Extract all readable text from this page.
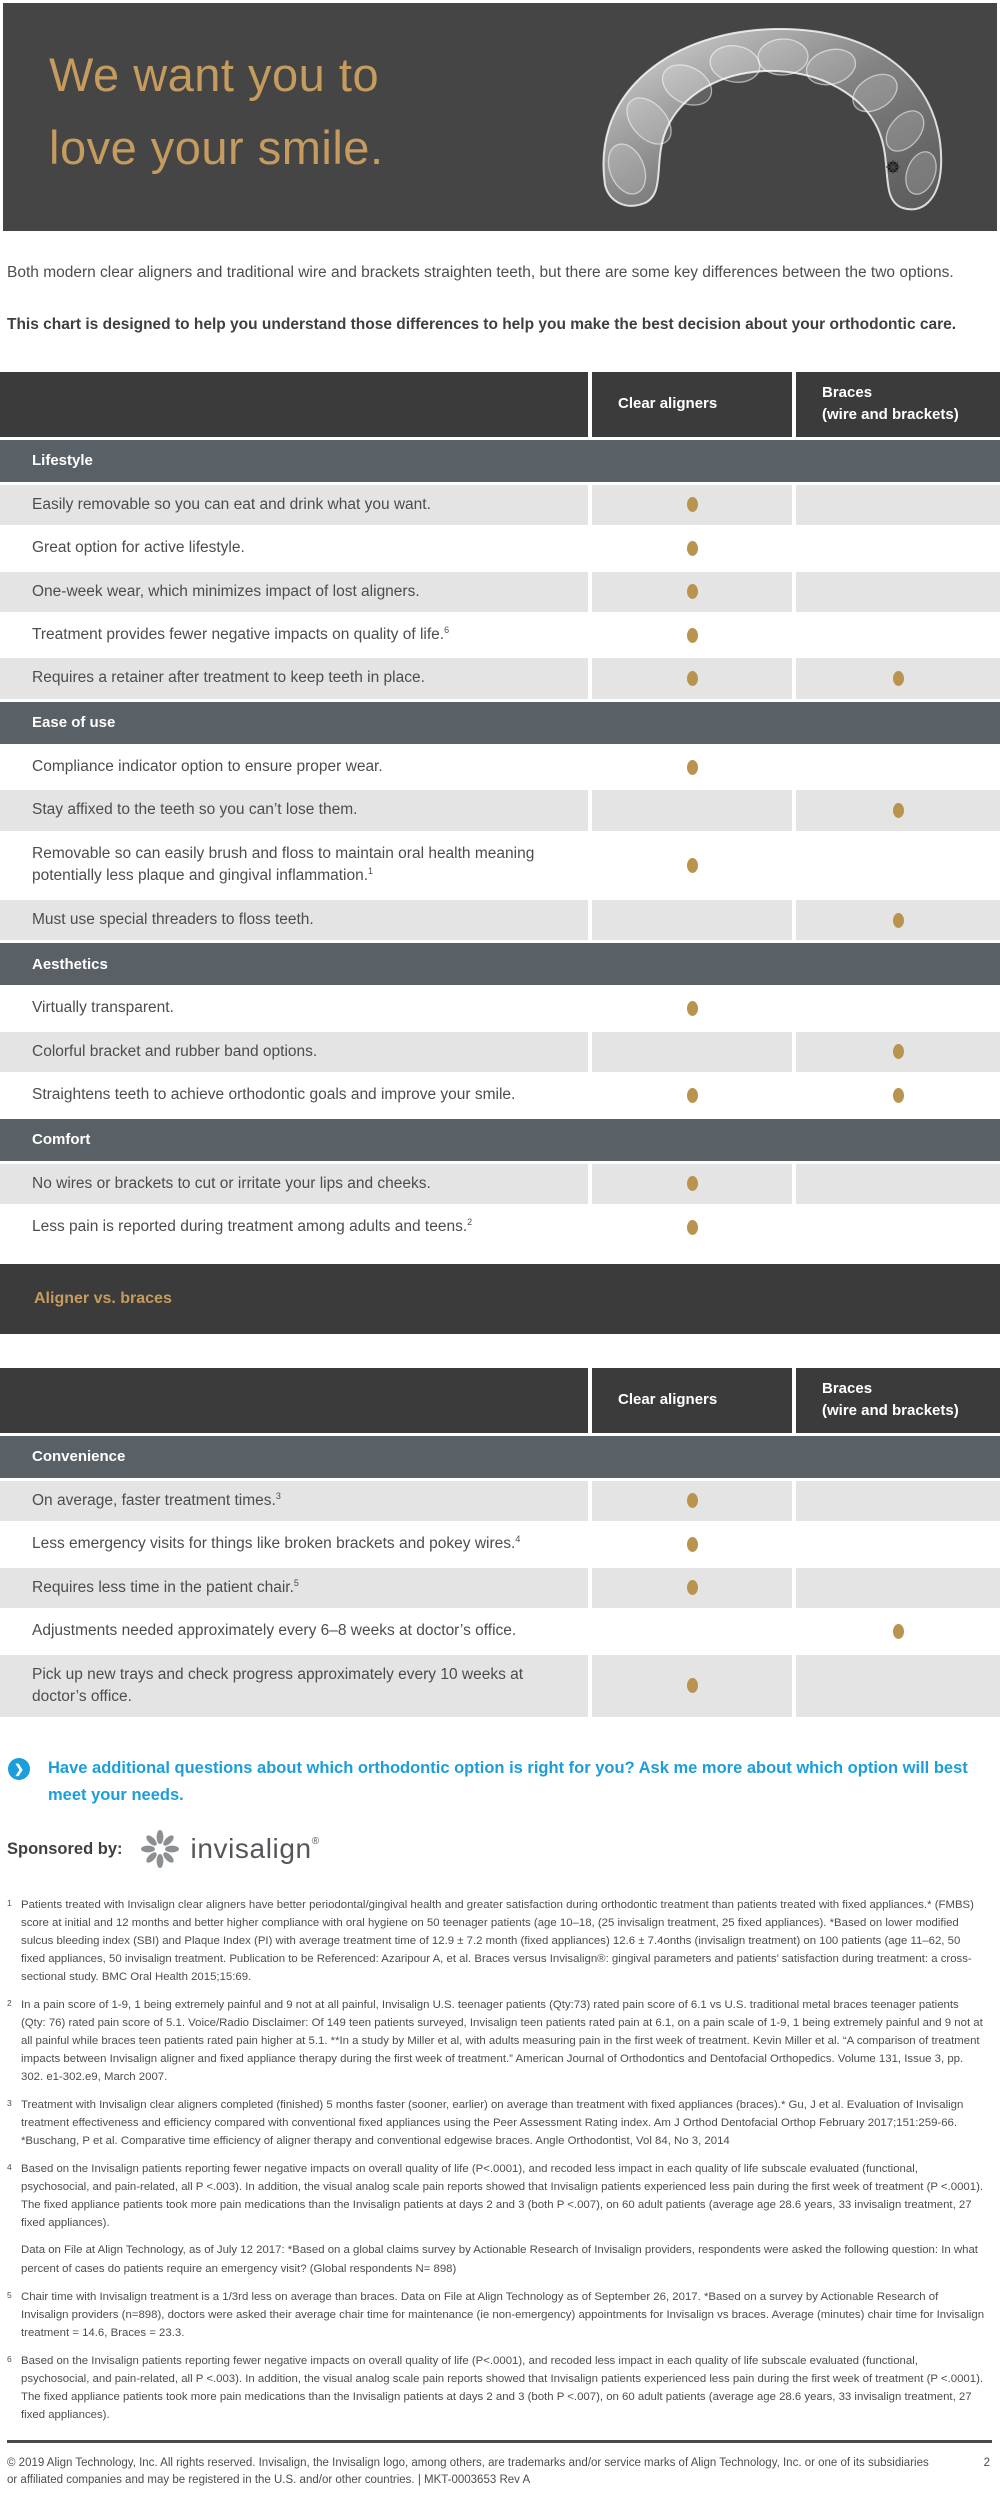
We want you to
love your smile.

Both modern clear aligners and traditional wire and brackets straighten teeth, but there are some key differences between the two options.

This chart is designed to help you understand those differences to help you make the best decision about your orthodontic care.

Clear aligners
Braces
(wire and brackets)
Lifestyle
Easily removable so you can eat and drink what you want.
Great option for active lifestyle.
One-week wear, which minimizes impact of lost aligners.
Treatment provides fewer negative impacts on quality of life.$^6$
Requires a retainer after treatment to keep teeth in place.
Ease of use
Compliance indicator option to ensure proper wear.
Stay affixed to the teeth so you can’t lose them.
Removable so can easily brush and floss to maintain oral health meaning potentially less plaque and gingival inflammation.$^1$
Must use special threaders to floss teeth.
Aesthetics
Virtually transparent.
Colorful bracket and rubber band options.
Straightens teeth to achieve orthodontic goals and improve your smile.
Comfort
No wires or brackets to cut or irritate your lips and cheeks.
Less pain is reported during treatment among adults and teens.$^2$
Aligner vs. braces
Clear aligners
Braces
(wire and brackets)
Convenience
On average, faster treatment times.$^3$
Less emergency visits for things like broken brackets and pokey wires.$^4$
Requires less time in the patient chair.$^5$
Adjustments needed approximately every 6–8 weeks at doctor’s office.
Pick up new trays and check progress approximately every 10 weeks at doctor’s office.
❯	Have additional questions about which orthodontic option is right for you? Ask me more about which option will best meet your needs.
Sponsored by: invisalign®
1 Patients treated with Invisalign clear aligners have better periodontal/gingival health and greater satisfaction during orthodontic treatment than patients treated with fixed appliances.* (FMBS) score at initial and 12 months and better higher compliance with oral hygiene on 50 teenager patients (age 10–18, (25 invisalign treatment, 25 fixed appliances). *Based on lower modified sulcus bleeding index (SBI) and Plaque Index (PI) with average treatment time of 12.9 ± 7.2 month (fixed appliances) 12.6 ± 7.4onths (invisalign treatment) on 100 patients (age 11–62, 50 fixed appliances, 50 invisalign treatment. Publication to be Referenced: Azaripour A, et al. Braces versus Invisalign®: gingival parameters and patients’ satisfaction during treatment: a cross-sectional study. BMC Oral Health 2015;15:69.

2 In a pain score of 1-9, 1 being extremely painful and 9 not at all painful, Invisalign U.S. teenager patients (Qty:73) rated pain score of 6.1 vs U.S. traditional metal braces teenager patients (Qty: 76) rated pain score of 5.1. Voice/Radio Disclaimer: Of 149 teen patients surveyed, Invisalign teen patients rated pain at 6.1, on a pain scale of 1-9, 1 being extremely painful and 9 not at all painful while braces teen patients rated pain higher at 5.1. **In a study by Miller et al, with adults measuring pain in the first week of treatment. Kevin Miller et al. “A comparison of treatment impacts between Invisalign aligner and fixed appliance therapy during the first week of treatment.” American Journal of Orthodontics and Dentofacial Orthopedics. Volume 131, Issue 3, pp. 302. e1-302.e9, March 2007.

3 Treatment with Invisalign clear aligners completed (finished) 5 months faster (sooner, earlier) on average than treatment with fixed appliances (braces).* Gu, J et al. Evaluation of Invisalign treatment effectiveness and efficiency compared with conventional fixed appliances using the Peer Assessment Rating index. Am J Orthod Dentofacial Orthop February 2017;151:259-66. *Buschang, P et al. Comparative time efficiency of aligner therapy and conventional edgewise braces. Angle Orthodontist, Vol 84, No 3, 2014

4 Based on the Invisalign patients reporting fewer negative impacts on overall quality of life (P<.0001), and recoded less impact in each quality of life subscale evaluated (functional, psychosocial, and pain-related, all P <.003). In addition, the visual analog scale pain reports showed that Invisalign patients experienced less pain during the first week of treatment (P <.0001). The fixed appliance patients took more pain medications than the Invisalign patients at days 2 and 3 (both P <.007), on 60 adult patients (average age 28.6 years, 33 invisalign treatment, 27 fixed appliances).

Data on File at Align Technology, as of July 12 2017: *Based on a global claims survey by Actionable Research of Invisalign providers, respondents were asked the following question: In what percent of cases do patients require an emergency visit? (Global respondents N= 898)

5 Chair time with Invisalign treatment is a 1/3rd less on average than braces. Data on File at Align Technology as of September 26, 2017. *Based on a survey by Actionable Research of Invisalign providers (n=898), doctors were asked their average chair time for maintenance (ie non-emergency) appointments for Invisalign vs braces. Average (minutes) chair time for Invisalign treatment = 14.6, Braces = 23.3.

6 Based on the Invisalign patients reporting fewer negative impacts on overall quality of life (P<.0001), and recoded less impact in each quality of life subscale evaluated (functional, psychosocial, and pain-related, all P <.003). In addition, the visual analog scale pain reports showed that Invisalign patients experienced less pain during the first week of treatment (P <.0001). The fixed appliance patients took more pain medications than the Invisalign patients at days 2 and 3 (both P <.007), on 60 adult patients (average age 28.6 years, 33 invisalign treatment, 27 fixed appliances).

© 2019 Align Technology, Inc. All rights reserved. Invisalign, the Invisalign logo, among others, are trademarks and/or service marks of Align Technology, Inc. or one of its subsidiaries or affiliated companies and may be registered in the U.S. and/or other countries. | MKT-0003653 Rev A
2
